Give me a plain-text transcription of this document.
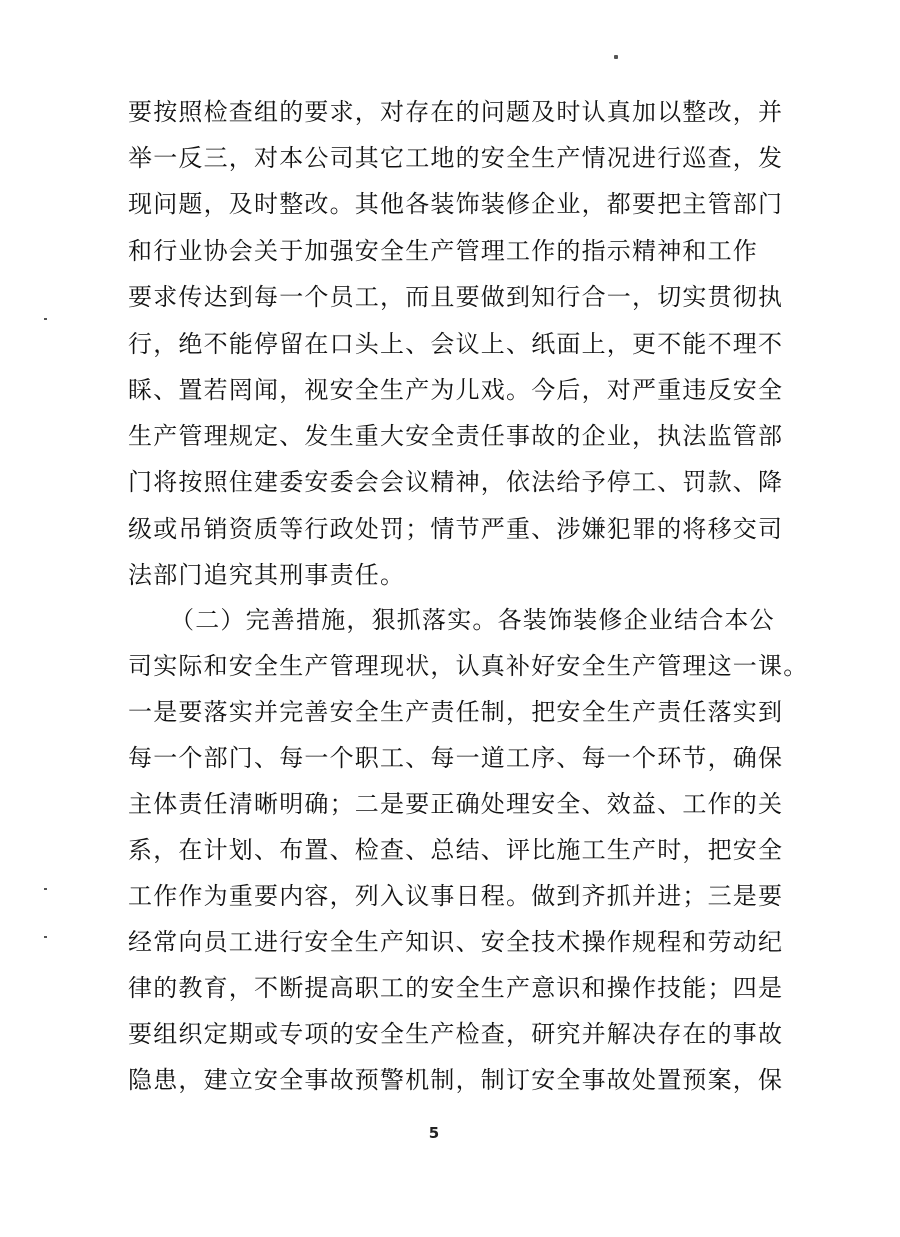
要按照检查组的要求，对存在的问题及时认真加以整改，并
举一反三，对本公司其它工地的安全生产情况进行巡查，发
现问题，及时整改。其他各装饰装修企业，都要把主管部门
和行业协会关于加强安全生产管理工作的指示精神和工作
要求传达到每一个员工，而且要做到知行合一，切实贯彻执
行，绝不能停留在口头上、会议上、纸面上，更不能不理不
睬、置若罔闻，视安全生产为儿戏。今后，对严重违反安全
生产管理规定、发生重大安全责任事故的企业，执法监管部
门将按照住建委安委会会议精神，依法给予停工、罚款、降
级或吊销资质等行政处罚；情节严重、涉嫌犯罪的将移交司
法部门追究其刑事责任。
（二）完善措施，狠抓落实。各装饰装修企业结合本公
司实际和安全生产管理现状，认真补好安全生产管理这一课。
一是要落实并完善安全生产责任制，把安全生产责任落实到
每一个部门、每一个职工、每一道工序、每一个环节，确保
主体责任清晰明确；二是要正确处理安全、效益、工作的关
系，在计划、布置、检查、总结、评比施工生产时，把安全
工作作为重要内容，列入议事日程。做到齐抓并进；三是要
经常向员工进行安全生产知识、安全技术操作规程和劳动纪
律的教育，不断提高职工的安全生产意识和操作技能；四是
要组织定期或专项的安全生产检查，研究并解决存在的事故
隐患，建立安全事故预警机制，制订安全事故处置预案，保
5
